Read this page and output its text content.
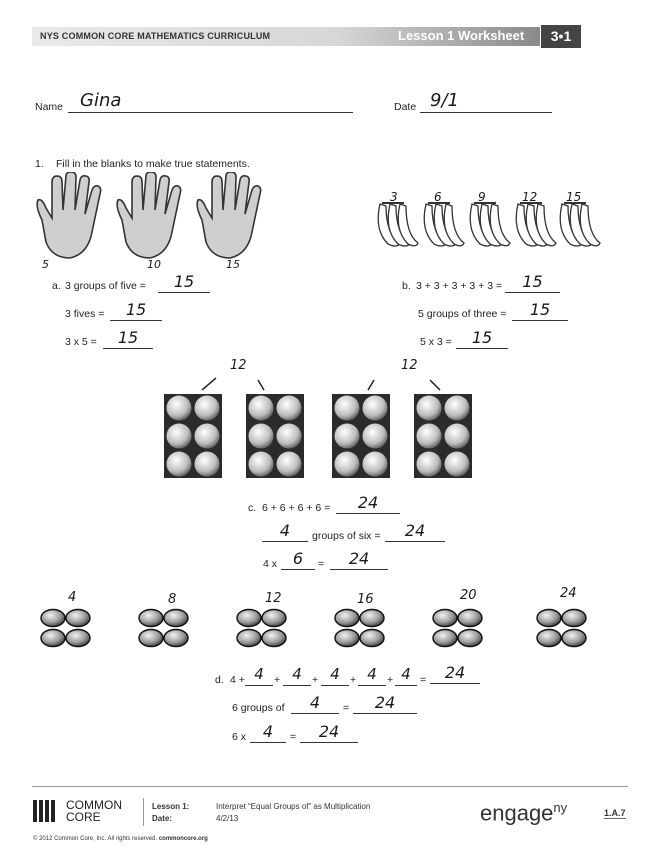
NYS COMMON CORE MATHEMATICS CURRICULUM	Lesson 1 Worksheet	3•1
Name Gina	Date 9/1
1. Fill in the blanks to make true statements.
5	10	15
3	6	9	12 15
a. 3 groups of five =	15
3 fives =	15
3 x 5 =	15
b. 3 + 3 + 3 + 3 + 3 =	15
5 groups of three =	15
5 x 3 =	15
12	12
c. 6 + 6 + 6 + 6 =	24
4	groups of six =	24
4 x 6	=	24
4	8	12	16	20	24
d. 4 + 4 + 4 + 4 + 4 + 4 =	24
6 groups of	4	=	24
6 x	4	=	24
COMMON
CORE
Lesson 1:
Date:
Interpret “Equal Groups of” as Multiplication
4/2/13	engage$^{ny}$	1.A.7
© 2012 Common Core, Inc. All rights reserved. commoncore.org
